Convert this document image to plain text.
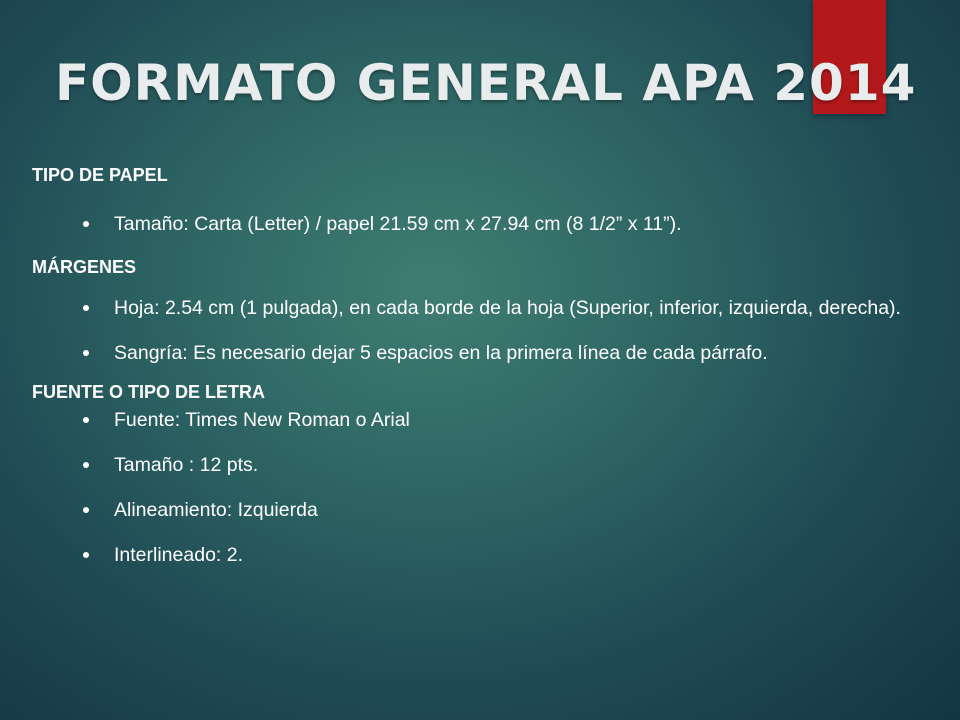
FORMATO GENERAL APA 2014
TIPO DE PAPEL
Tamaño: Carta (Letter) / papel 21.59 cm x 27.94 cm (8 1/2” x 11”).
MÁRGENES
Hoja: 2.54 cm (1 pulgada), en cada borde de la hoja (Superior, inferior, izquierda, derecha).
Sangría: Es necesario dejar 5 espacios en la primera línea de cada párrafo.
FUENTE O TIPO DE LETRA
Fuente: Times New Roman o Arial
Tamaño : 12 pts.
Alineamiento: Izquierda
Interlineado: 2.
